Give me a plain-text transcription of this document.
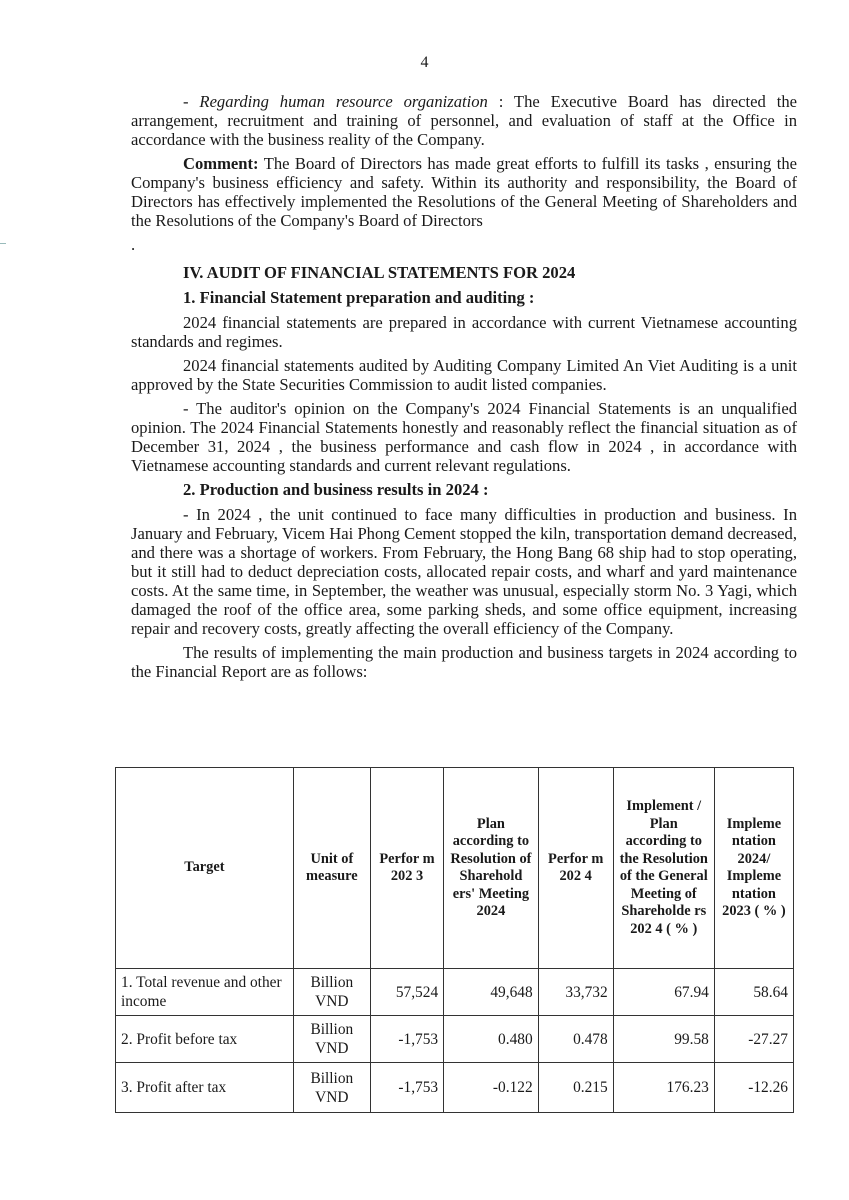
4

- Regarding human resource organization : The Executive Board has directed the arrangement, recruitment and training of personnel, and evaluation of staff at the Office in accordance with the business reality of the Company.

Comment: The Board of Directors has made great efforts to fulfill its tasks , ensuring the Company's business efficiency and safety. Within its authority and responsibility, the Board of Directors has effectively implemented the Resolutions of the General Meeting of Shareholders and the Resolutions of the Company's Board of Directors

.
IV. AUDIT OF FINANCIAL STATEMENTS FOR 2024
1. Financial Statement preparation and auditing :

2024 financial statements are prepared in accordance with current Vietnamese accounting standards and regimes.

2024 financial statements audited by Auditing Company Limited An Viet Auditing is a unit approved by the State Securities Commission to audit listed companies.

- The auditor's opinion on the Company's 2024 Financial Statements is an unqualified opinion. The 2024 Financial Statements honestly and reasonably reflect the financial situation as of December 31, 2024 , the business performance and cash flow in 2024 , in accordance with Vietnamese accounting standards and current relevant regulations.

2. Production and business results in 2024 :

- In 2024 , the unit continued to face many difficulties in production and business. In January and February, Vicem Hai Phong Cement stopped the kiln, transportation demand decreased, and there was a shortage of workers. From February, the Hong Bang 68 ship had to stop operating, but it still had to deduct depreciation costs, allocated repair costs, and wharf and yard maintenance costs. At the same time, in September, the weather was unusual, especially storm No. 3 Yagi, which damaged the roof of the office area, some parking sheds, and some office equipment, increasing repair and recovery costs, greatly affecting the overall efficiency of the Company.

The results of implementing the main production and business targets in 2024 according to the Financial Report are as follows:

Target	Unit of measure	Perfor m 202 3	Plan according to Resolution of Sharehold ers' Meeting 2024	Perfor m 202 4	Implement / Plan according to the Resolution of the General Meeting of Shareholde rs 202 4 ( % )	Impleme ntation 2024/ Impleme ntation 2023 ( % )
1. Total revenue and other income	Billion VND	57,524	49,648	33,732	67.94	58.64
2. Profit before tax	Billion VND	-1,753	0.480	0.478	99.58	-27.27
3. Profit after tax	Billion VND	-1,753	-0.122	0.215	176.23	-12.26
